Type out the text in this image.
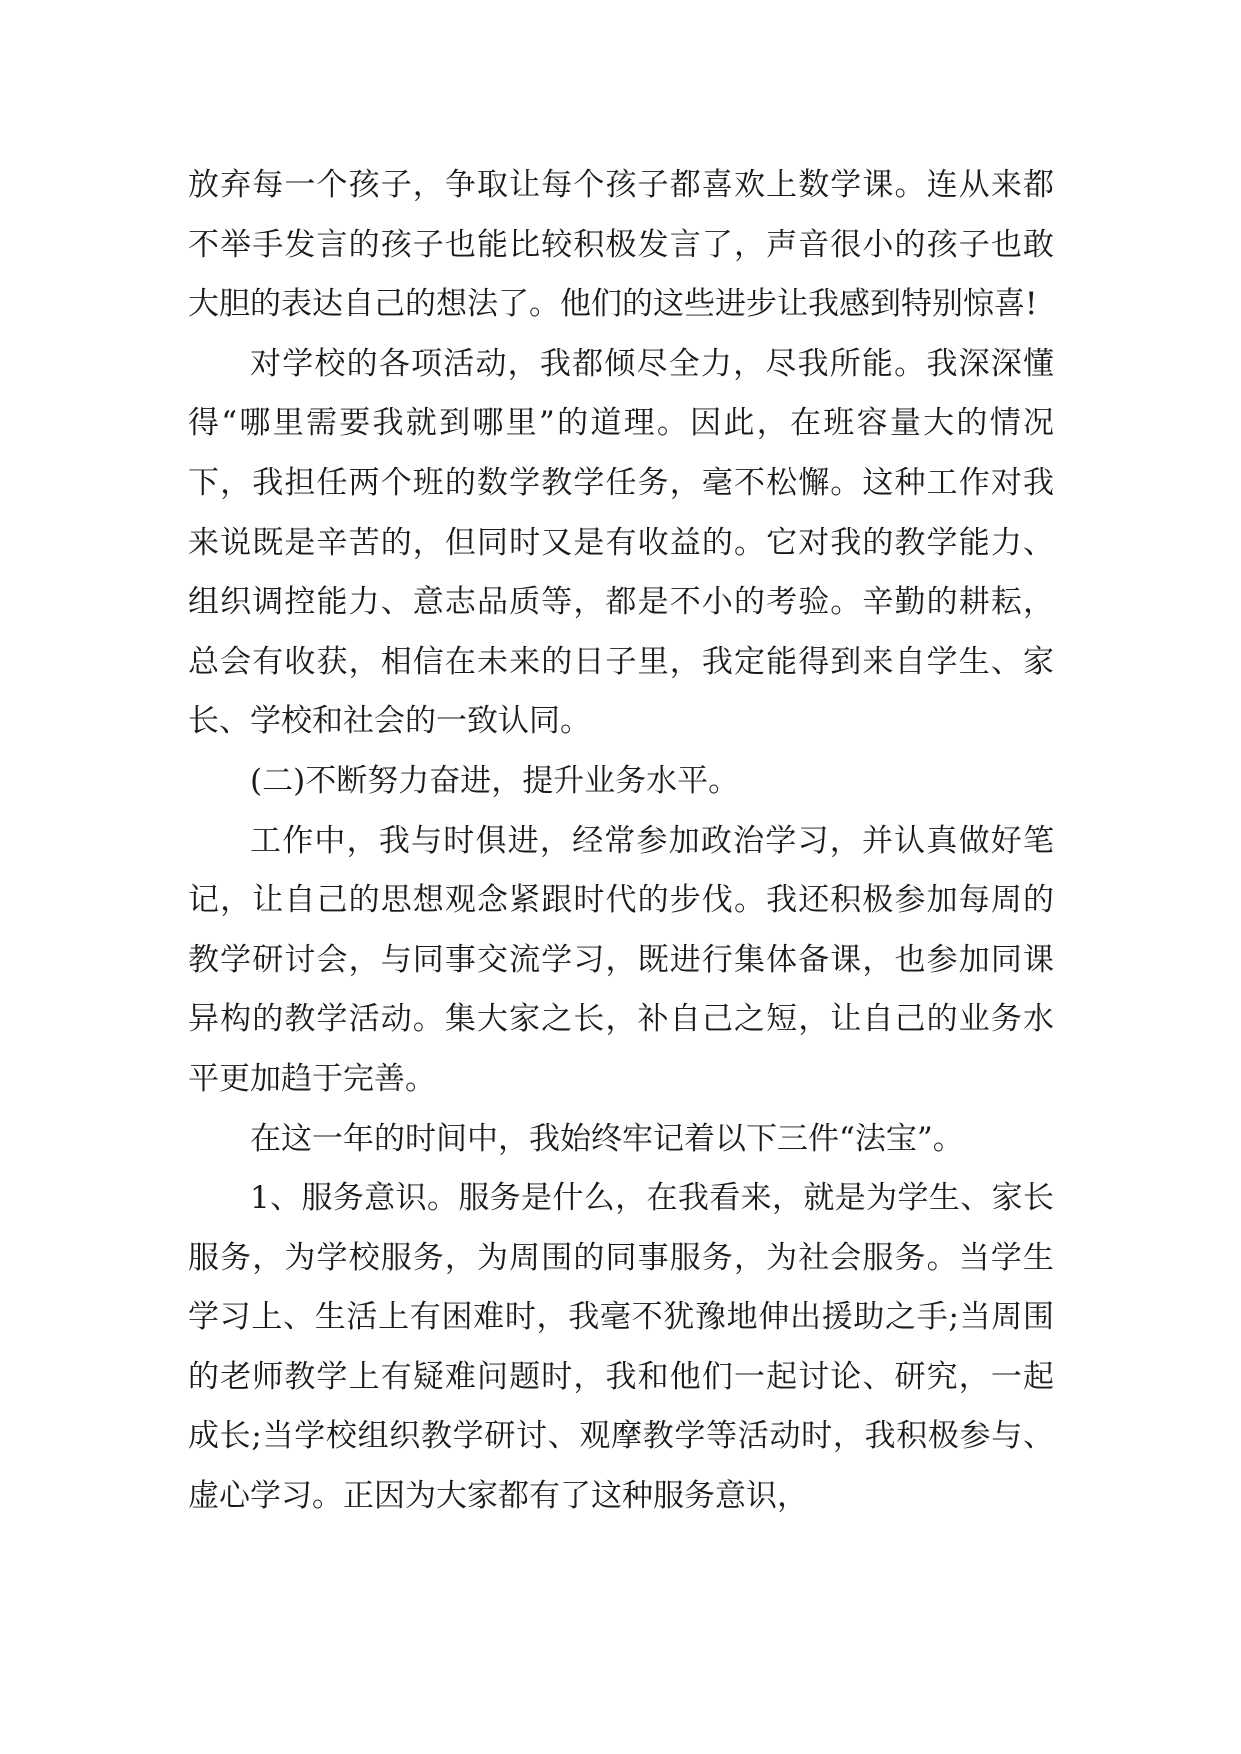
放弃每一个孩子，争取让每个孩子都喜欢上数学课。连从来都不举手发言的孩子也能比较积极发言了，声音很小的孩子也敢大胆的表达自己的想法了。他们的这些进步让我感到特别惊喜!

对学校的各项活动，我都倾尽全力，尽我所能。我深深懂得“哪里需要我就到哪里”的道理。因此，在班容量大的情况下，我担任两个班的数学教学任务，毫不松懈。这种工作对我来说既是辛苦的，但同时又是有收益的。它对我的教学能力、组织调控能力、意志品质等，都是不小的考验。辛勤的耕耘，总会有收获，相信在未来的日子里，我定能得到来自学生、家长、学校和社会的一致认同。

(二)不断努力奋进，提升业务水平。

工作中，我与时俱进，经常参加政治学习，并认真做好笔记，让自己的思想观念紧跟时代的步伐。我还积极参加每周的教学研讨会，与同事交流学习，既进行集体备课，也参加同课异构的教学活动。集大家之长，补自己之短，让自己的业务水平更加趋于完善。

在这一年的时间中，我始终牢记着以下三件“法宝”。

1、服务意识。服务是什么，在我看来，就是为学生、家长服务，为学校服务，为周围的同事服务，为社会服务。当学生学习上、生活上有困难时，我毫不犹豫地伸出援助之手;当周围的老师教学上有疑难问题时，我和他们一起讨论、研究，一起成长;当学校组织教学研讨、观摩教学等活动时，我积极参与、虚心学习。正因为大家都有了这种服务意识，
